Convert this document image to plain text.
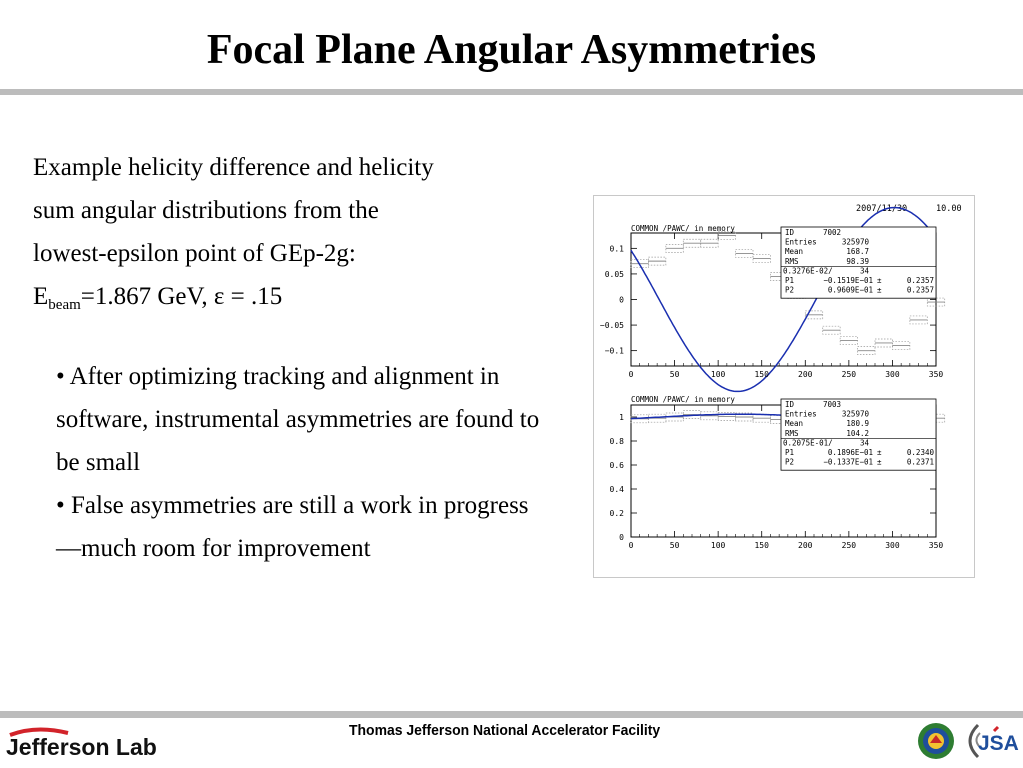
Focal Plane Angular Asymmetries
Example helicity difference and helicity
sum angular distributions from the
lowest-epsilon point of GEp-2g:
$E_{beam}=1.867$ GeV, ε = .15

• After optimizing tracking and alignment in software, instrumental asymmetries are found to be small

• False asymmetries are still a work in progress—much room for improvement

2007/11/30	10.00
COMMON /PAWC/ in memory
0	50	100	150	200	250	300	350
−0.1
−0.05
0
0.05
0.1
ID	7002
Entries	325970
Mean	168.7
RMS	98.39
0.3276E-02/	34
P1	−0.1519E−01 ±	0.2357
P2	0.9609E−01 ±	0.2357
COMMON /PAWC/ in memory
0	50	100	150	200	250	300	350
0
0.2
0.4
0.6
0.8
1
ID	7003
Entries	325970
Mean	180.9
RMS	104.2
0.2075E-01/	34
P1	0.1896E−01 ±	0.2340
P2	−0.1337E−01 ±	0.2371
Jefferson Lab
Thomas Jefferson National Accelerator Facility
JSA
